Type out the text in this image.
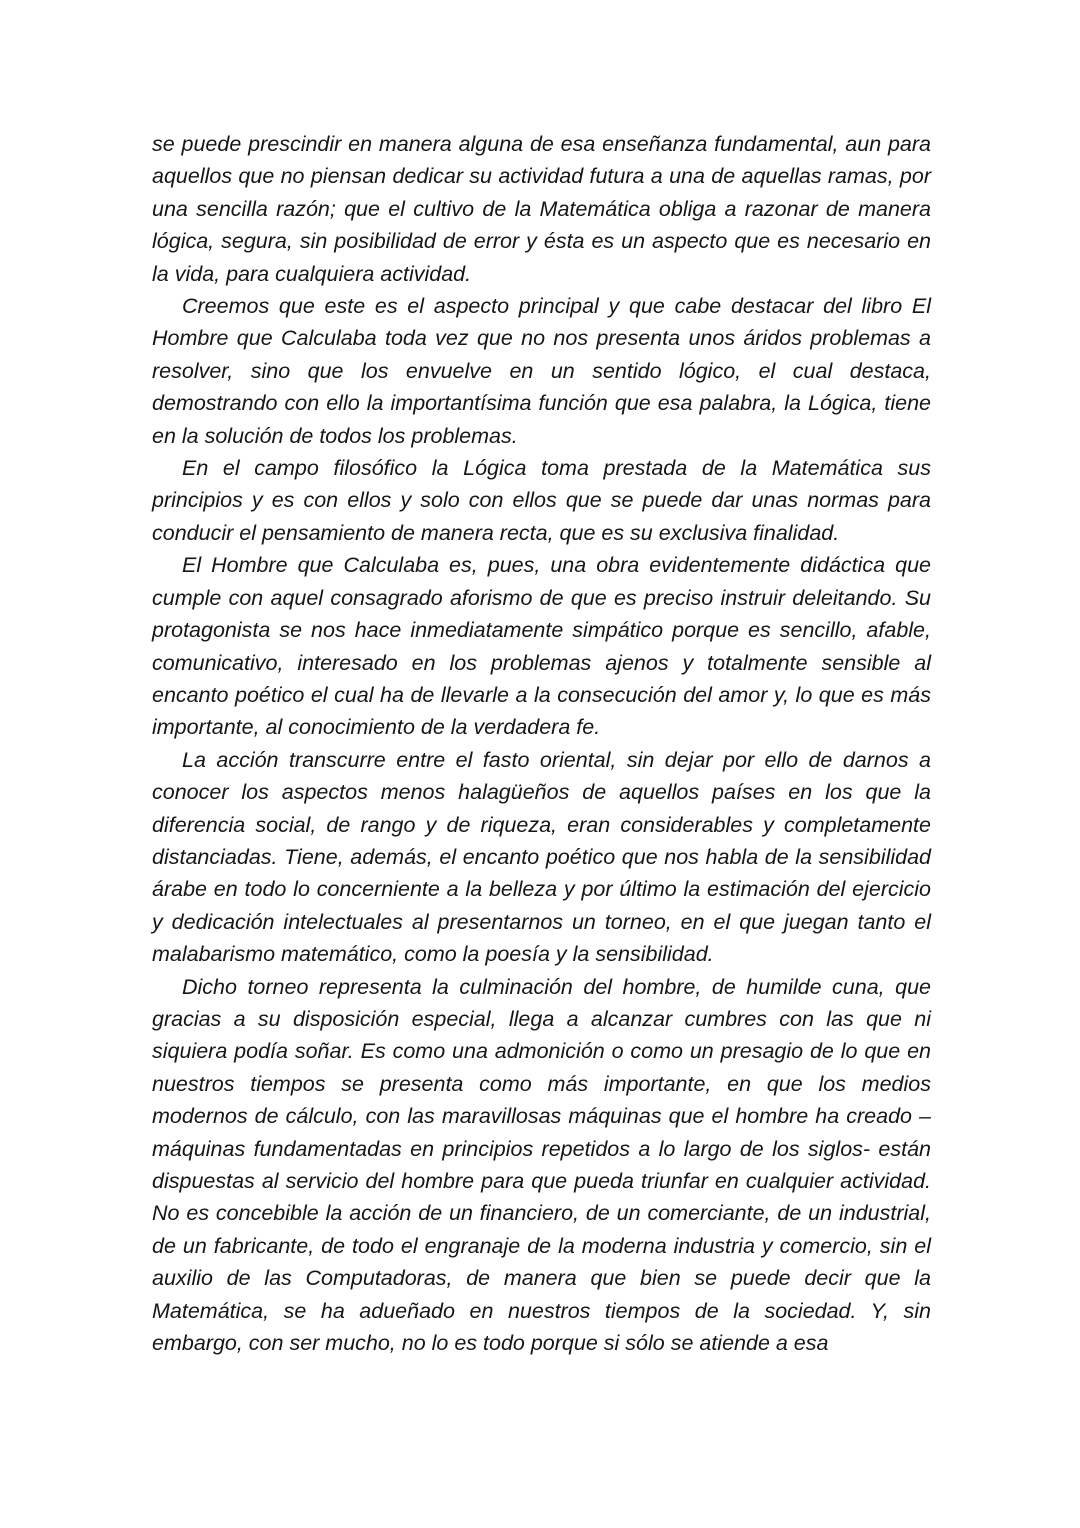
se puede prescindir en manera alguna de esa enseñanza fundamental, aun para aquellos que no piensan dedicar su actividad futura a una de aquellas ramas, por una sencilla razón; que el cultivo de la Matemática obliga a razonar de manera lógica, segura, sin posibilidad de error y ésta es un aspecto que es necesario en la vida, para cualquiera actividad.

Creemos que este es el aspecto principal y que cabe destacar del libro El Hombre que Calculaba toda vez que no nos presenta unos áridos problemas a resolver, sino que los envuelve en un sentido lógico, el cual destaca, demostrando con ello la importantísima función que esa palabra, la Lógica, tiene en la solución de todos los problemas.

En el campo filosófico la Lógica toma prestada de la Matemática sus principios y es con ellos y solo con ellos que se puede dar unas normas para conducir el pensamiento de manera recta, que es su exclusiva finalidad.

El Hombre que Calculaba es, pues, una obra evidentemente didáctica que cumple con aquel consagrado aforismo de que es preciso instruir deleitando. Su protagonista se nos hace inmediatamente simpático porque es sencillo, afable, comunicativo, interesado en los problemas ajenos y totalmente sensible al encanto poético el cual ha de llevarle a la consecución del amor y, lo que es más importante, al conocimiento de la verdadera fe.

La acción transcurre entre el fasto oriental, sin dejar por ello de darnos a conocer los aspectos menos halagüeños de aquellos países en los que la diferencia social, de rango y de riqueza, eran considerables y completamente distanciadas. Tiene, además, el encanto poético que nos habla de la sensibilidad árabe en todo lo concerniente a la belleza y por último la estimación del ejercicio y dedicación intelectuales al presentarnos un torneo, en el que juegan tanto el malabarismo matemático, como la poesía y la sensibilidad.

Dicho torneo representa la culminación del hombre, de humilde cuna, que gracias a su disposición especial, llega a alcanzar cumbres con las que ni siquiera podía soñar. Es como una admonición o como un presagio de lo que en nuestros tiempos se presenta como más importante, en que los medios modernos de cálculo, con las maravillosas máquinas que el hombre ha creado –máquinas fundamentadas en principios repetidos a lo largo de los siglos- están dispuestas al servicio del hombre para que pueda triunfar en cualquier actividad. No es concebible la acción de un financiero, de un comerciante, de un industrial, de un fabricante, de todo el engranaje de la moderna industria y comercio, sin el auxilio de las Computadoras, de manera que bien se puede decir que la Matemática, se ha adueñado en nuestros tiempos de la sociedad. Y, sin embargo, con ser mucho, no lo es todo porque si sólo se atiende a esa
